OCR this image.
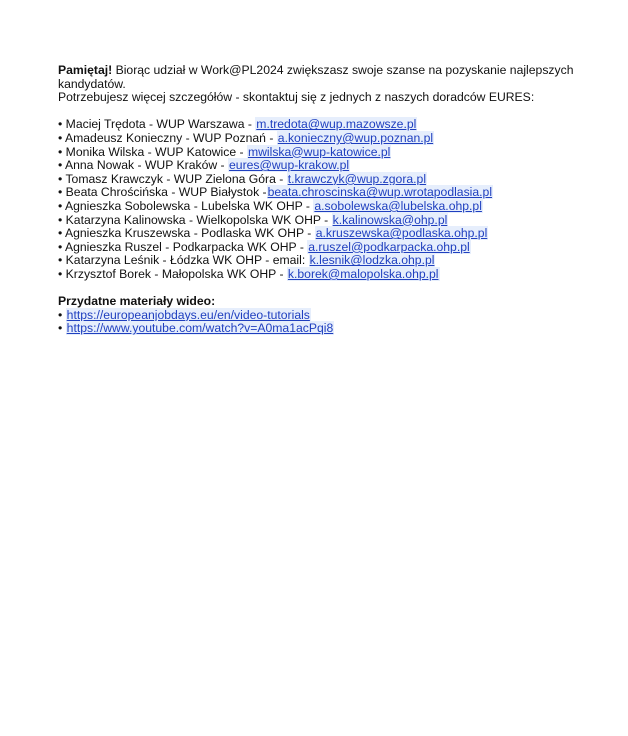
Pamiętaj! Biorąc udział w Work@PL2024 zwiększasz swoje szanse na pozyskanie najlepszych kandydatów.

Potrzebujesz więcej szczegółów - skontaktuj się z jednych z naszych doradców EURES:

• Maciej Trędota - WUP Warszawa - m.tredota@wup.mazowsze.pl
• Amadeusz Konieczny - WUP Poznań - a.konieczny@wup.poznan.pl
• Monika Wilska - WUP Katowice - mwilska@wup-katowice.pl
• Anna Nowak - WUP Kraków - eures@wup-krakow.pl
• Tomasz Krawczyk - WUP Zielona Góra - t.krawczyk@wup.zgora.pl
• Beata Chrościńska - WUP Białystok -beata.chroscinska@wup.wrotapodlasia.pl
• Agnieszka Sobolewska - Lubelska WK OHP - a.sobolewska@lubelska.ohp.pl
• Katarzyna Kalinowska - Wielkopolska WK OHP - k.kalinowska@ohp.pl
• Agnieszka Kruszewska - Podlaska WK OHP - a.kruszewska@podlaska.ohp.pl
• Agnieszka Ruszel - Podkarpacka WK OHP - a.ruszel@podkarpacka.ohp.pl
• Katarzyna Leśnik - Łódzka WK OHP - email: k.lesnik@lodzka.ohp.pl
• Krzysztof Borek - Małopolska WK OHP - k.borek@malopolska.ohp.pl

Przydatne materiały wideo:

• https://europeanjobdays.eu/en/video-tutorials
• https://www.youtube.com/watch?v=A0ma1acPqi8
